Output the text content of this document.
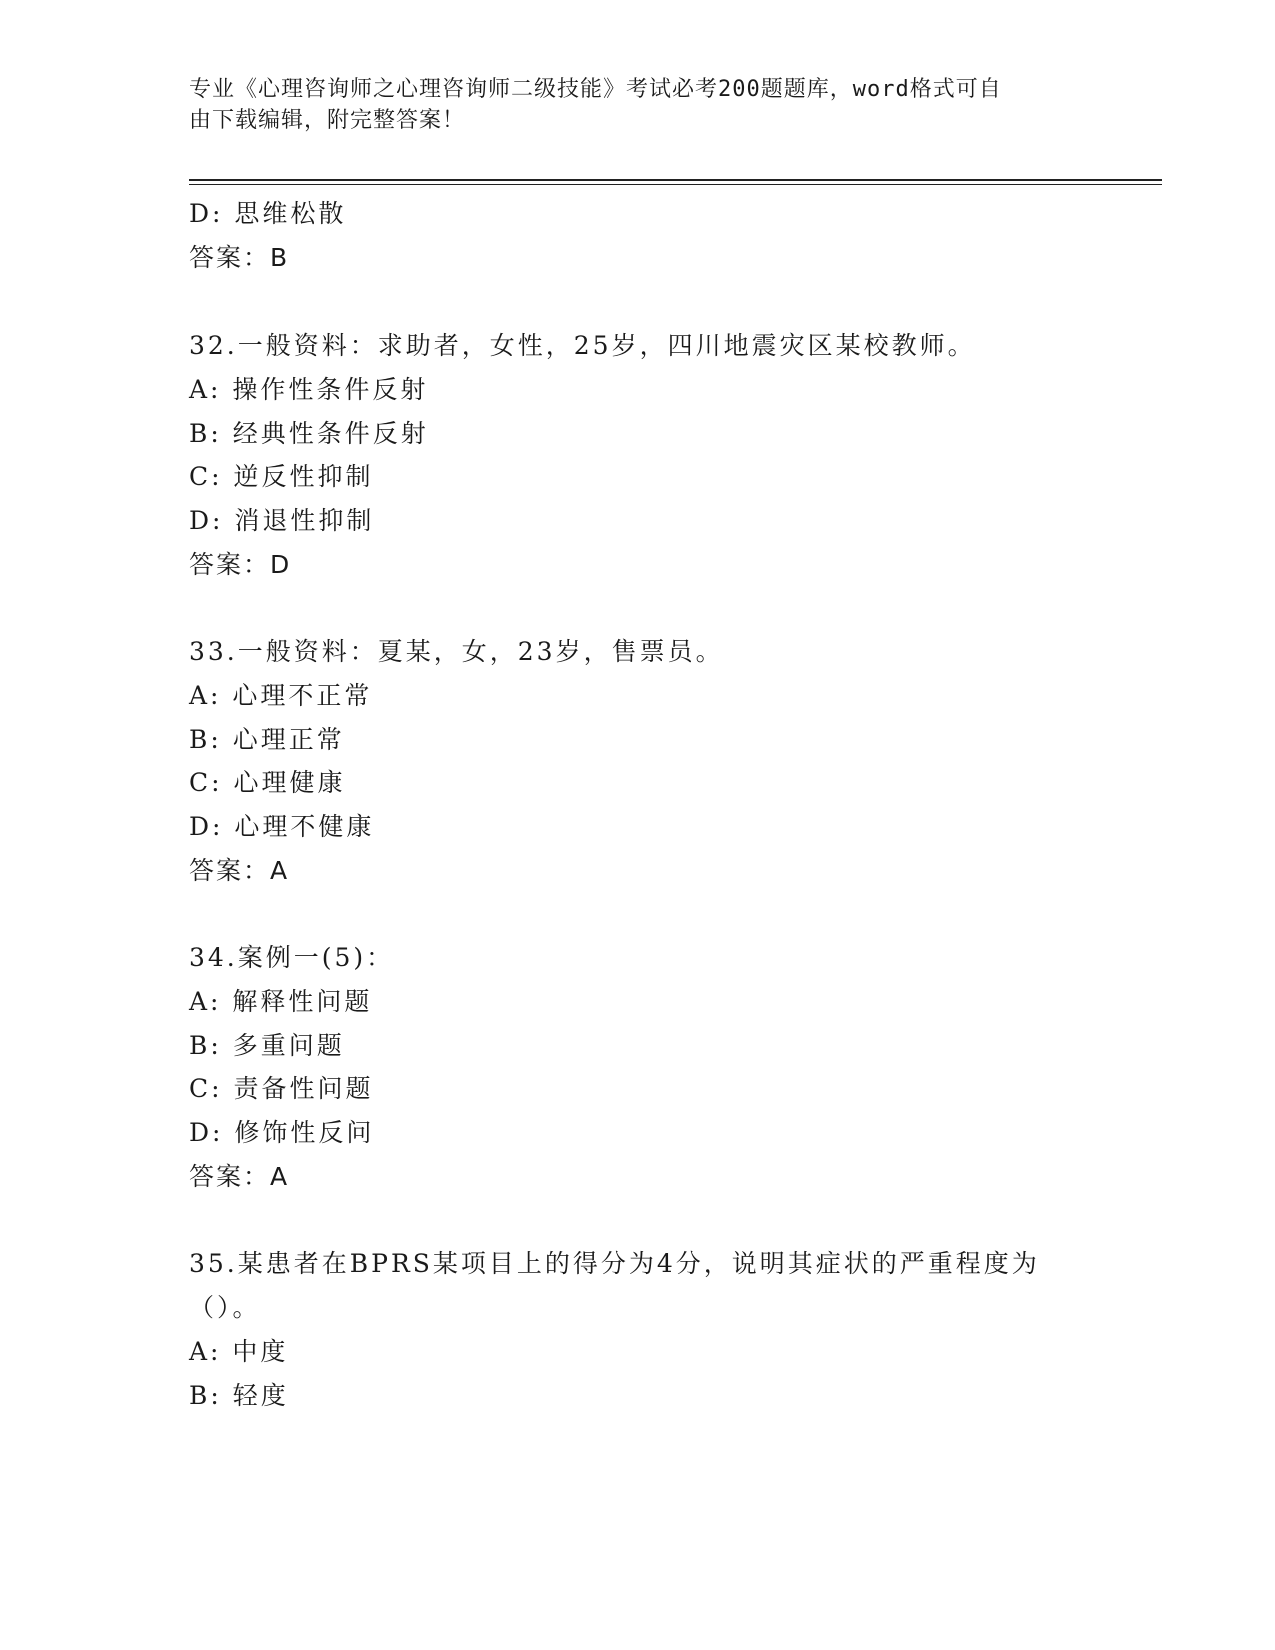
专业《心理咨询师之心理咨询师二级技能》考试必考200题题库，word格式可自
由下载编辑，附完整答案！
D: 思维松散
答案：B
32.一般资料：求助者，女性，25岁，四川地震灾区某校教师。
A: 操作性条件反射
B: 经典性条件反射
C: 逆反性抑制
D: 消退性抑制
答案：D
33.一般资料：夏某，女，23岁，售票员。
A: 心理不正常
B: 心理正常
C: 心理健康
D: 心理不健康
答案：A
34.案例一(5)：
A: 解释性问题
B: 多重问题
C: 责备性问题
D: 修饰性反问
答案：A
35.某患者在BPRS某项目上的得分为4分，说明其症状的严重程度为
（）。
A: 中度
B: 轻度
